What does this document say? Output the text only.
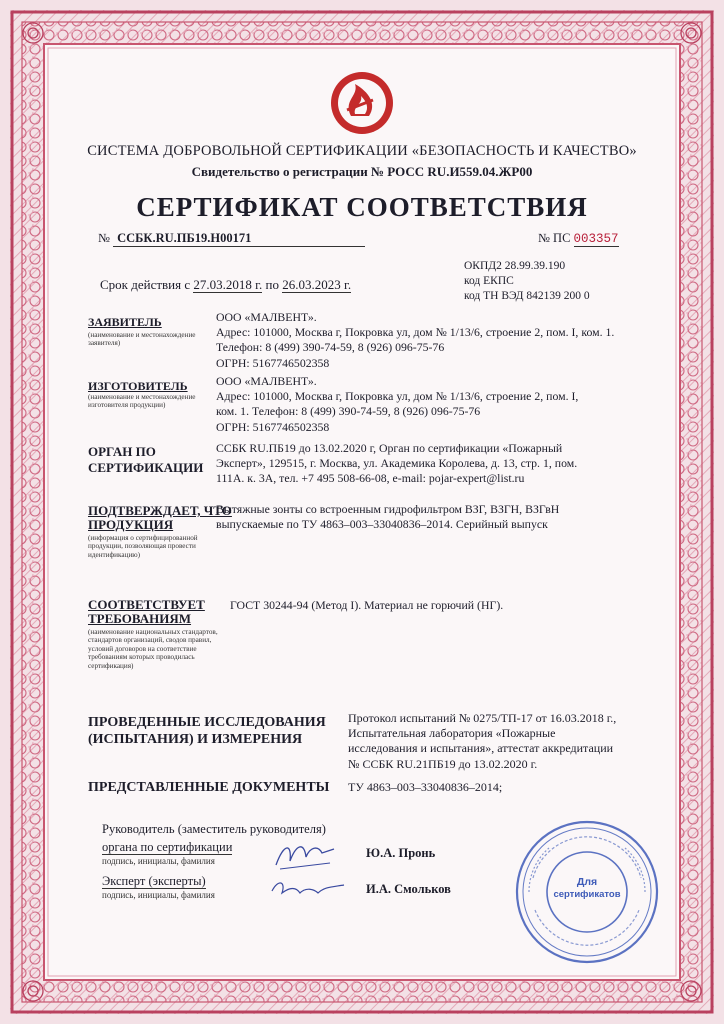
СИСТЕМА ДОБРОВОЛЬНОЙ СЕРТИФИКАЦИИ «БЕЗОПАСНОСТЬ И КАЧЕСТВО»
Свидетельство о регистрации № РОСС RU.И559.04.ЖР00
СЕРТИФИКАТ СООТВЕТСТВИЯ
№ ССБК.RU.ПБ19.Н00171	№ ПС 003357
ОКПД2 28.99.39.190
код ЕКПС
код ТН ВЭД 842139 200 0
Срок действия с 27.03.2018 г. по 26.03.2023 г.
ЗАЯВИТЕЛЬ
(наименование и местонахождение заявителя)
ООО «МАЛВЕНТ».
Адрес: 101000, Москва г, Покровка ул, дом № 1/13/6, строение 2, пом. I, ком. 1.
Телефон: 8 (499) 390-74-59, 8 (926) 096-75-76
ОГРН: 5167746502358
ИЗГОТОВИТЕЛЬ
(наименование и местонахождение изготовителя продукции)
ООО «МАЛВЕНТ».
Адрес: 101000, Москва г, Покровка ул, дом № 1/13/6, строение 2, пом. I,
ком. 1. Телефон: 8 (499) 390-74-59, 8 (926) 096-75-76
ОГРН: 5167746502358
ОРГАН ПО
СЕРТИФИКАЦИИ
ССБК RU.ПБ19 до 13.02.2020 г, Орган по сертификации «Пожарный
Эксперт», 129515, г. Москва, ул. Академика Королева, д. 13, стр. 1, пом.
111А. к. 3А, тел. +7 495 508-66-08, e-mail: pojar-expert@list.ru
ПОДТВЕРЖДАЕТ, ЧТО
ПРОДУКЦИЯ
(информация о сертифицированной продукции, позволяющая провести идентификацию)
Вытяжные зонты со встроенным гидрофильтром ВЗГ, ВЗГН, ВЗГвН
выпускаемые по ТУ 4863–003–33040836–2014. Серийный выпуск
СООТВЕТСТВУЕТ
ТРЕБОВАНИЯМ
(наименование национальных стандартов, стандартов организаций, сводов правил, условий договоров на соответствие требованиям которых проводилась сертификация)
ГОСТ 30244-94 (Метод I). Материал не горючий (НГ).
ПРОВЕДЕННЫЕ ИССЛЕДОВАНИЯ
(ИСПЫТАНИЯ) И ИЗМЕРЕНИЯ
Протокол испытаний № 0275/ТП-17 от 16.03.2018 г.,
Испытательная лаборатория «Пожарные
исследования и испытания», аттестат аккредитации
№ ССБК RU.21ПБ19 до 13.02.2020 г.
ПРЕДСТАВЛЕННЫЕ ДОКУМЕНТЫ ТУ 4863–003–33040836–2014;
Руководитель (заместитель руководителя)
органа по сертификации
подпись, инициалы, фамилия
Эксперт (эксперты)
подпись, инициалы, фамилия
Ю.А. Пронь
И.А. Смольков	Для
сертификатов
